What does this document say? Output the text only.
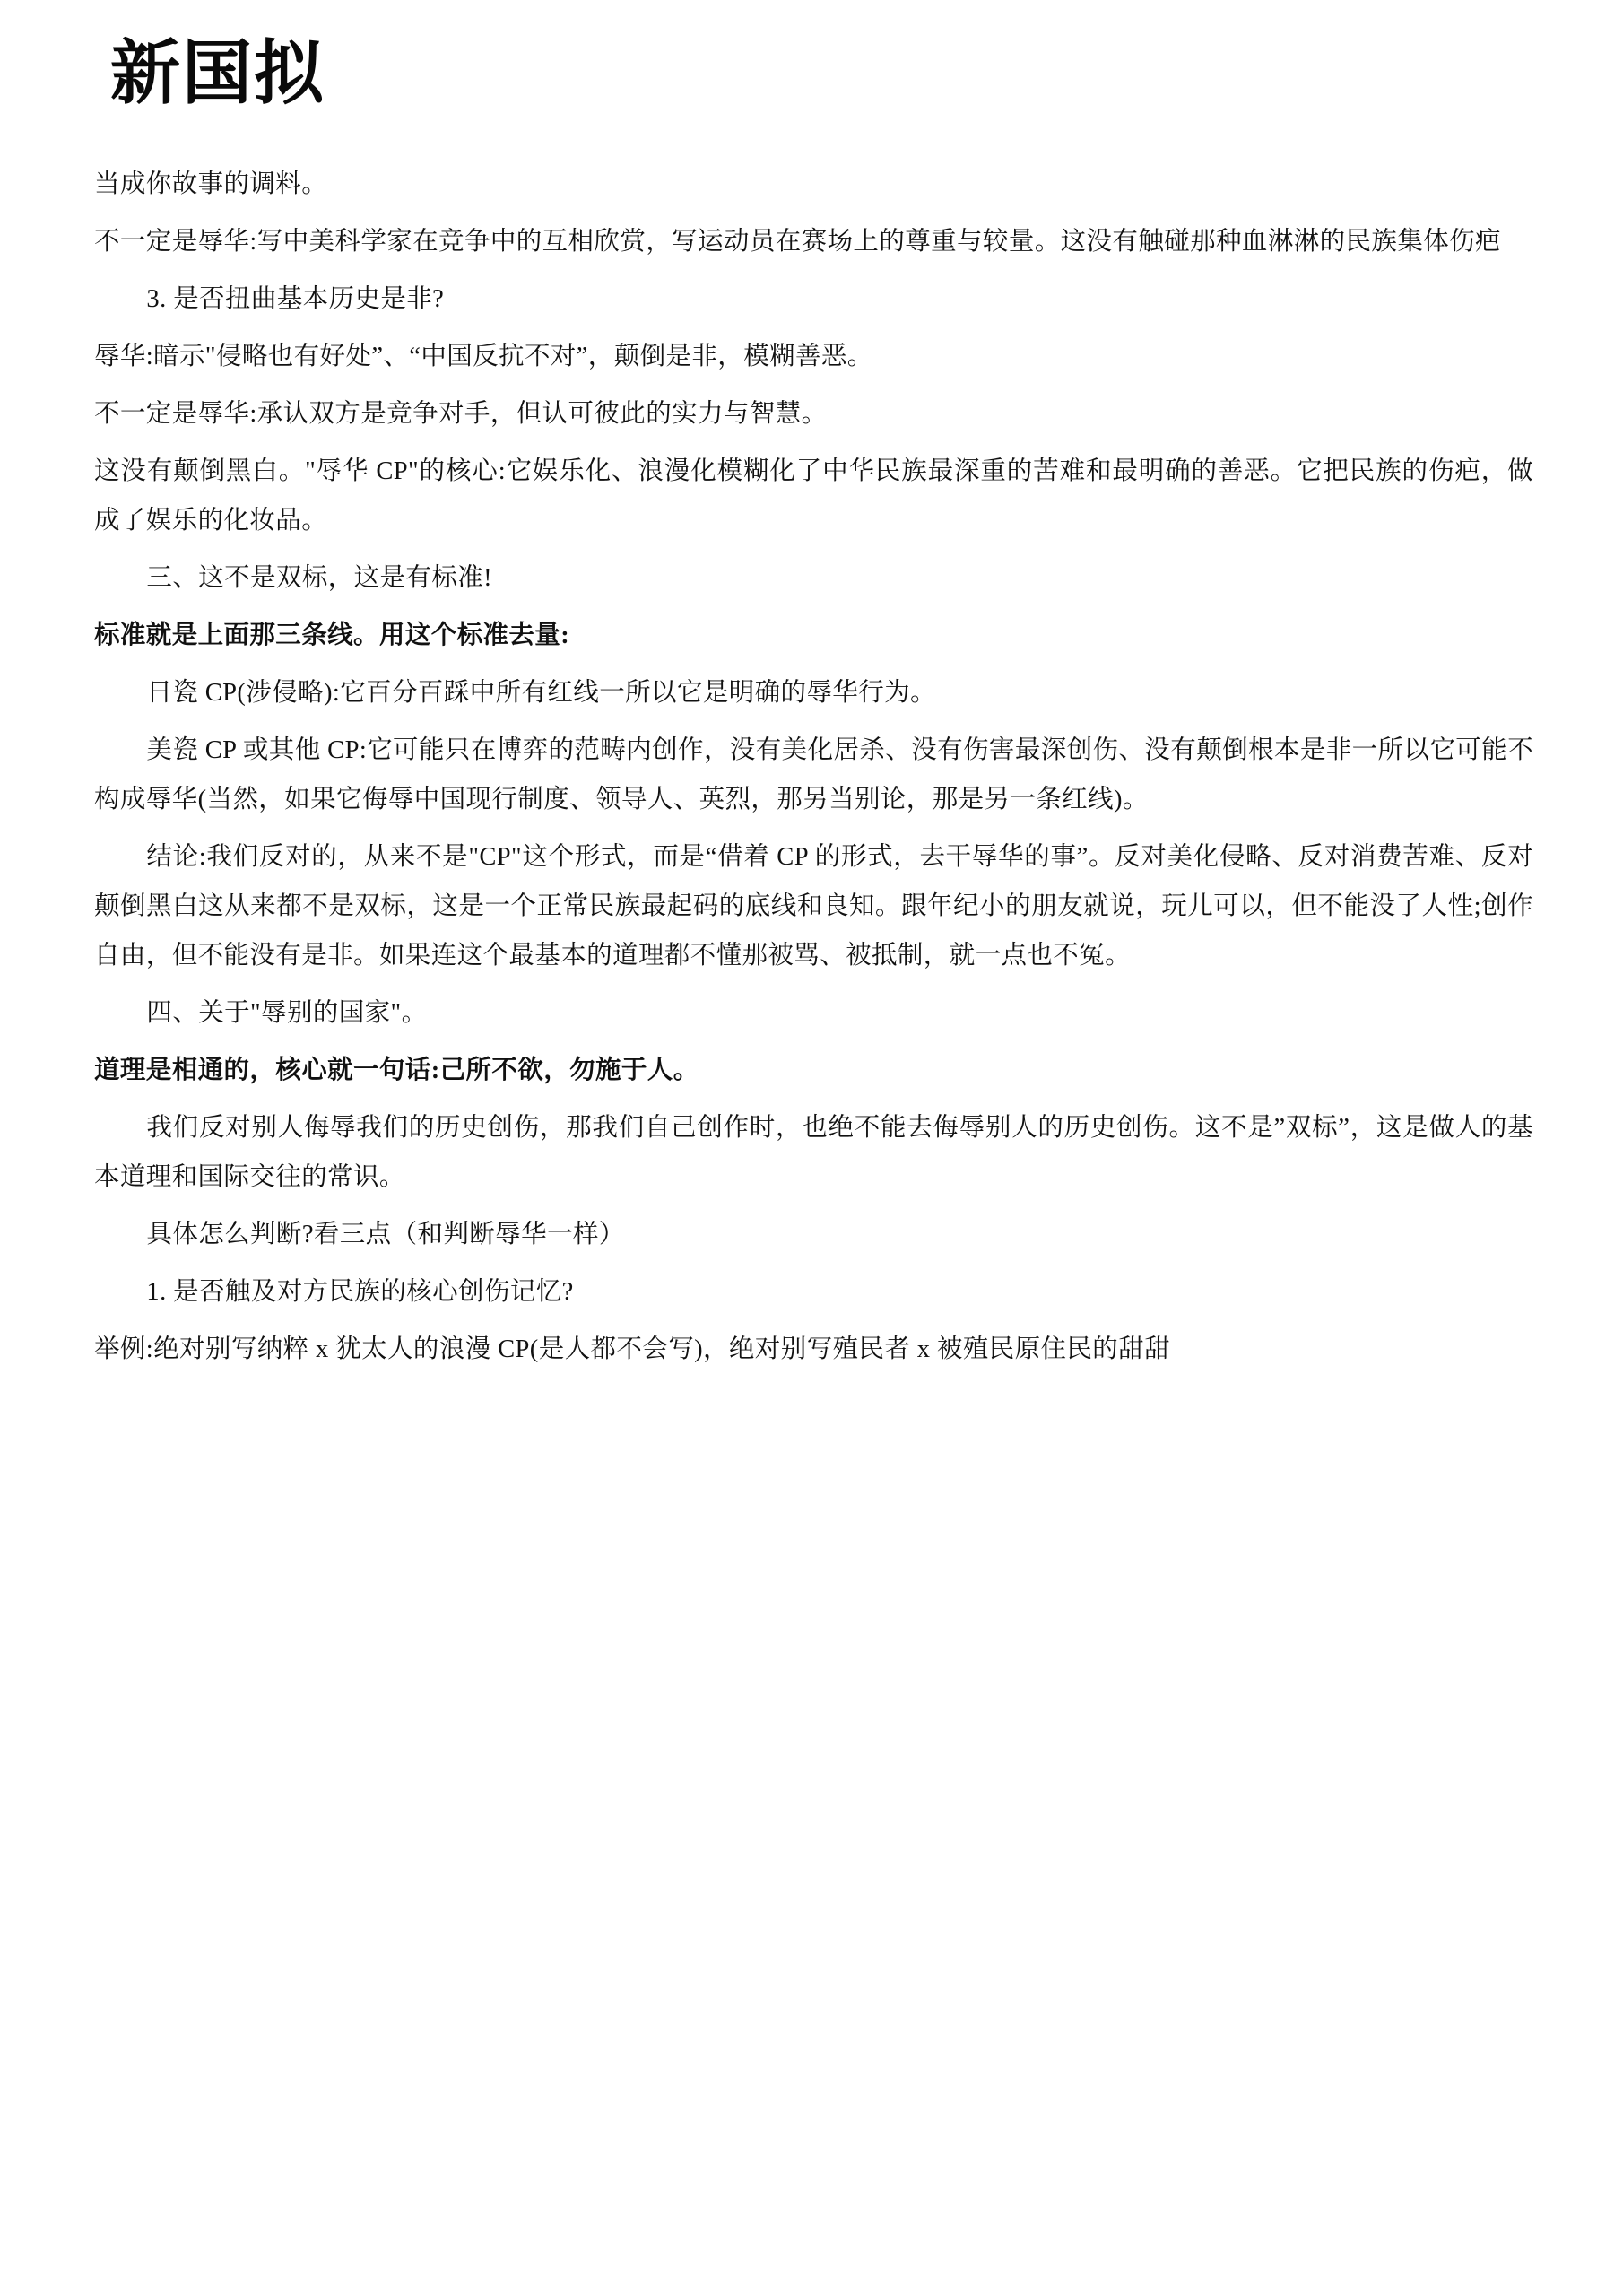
新国拟

当成你故事的调料。

不一定是辱华:写中美科学家在竞争中的互相欣赏，写运动员在赛场上的尊重与较量。这没有触碰那种血淋淋的民族集体伤疤

3. 是否扭曲基本历史是非?

辱华:暗示"侵略也有好处”、“中国反抗不对”，颠倒是非，模糊善恶。

不一定是辱华:承认双方是竞争对手，但认可彼此的实力与智慧。

这没有颠倒黑白。"辱华 CP"的核心:它娱乐化、浪漫化模糊化了中华民族最深重的苦难和最明确的善恶。它把民族的伤疤，做成了娱乐的化妆品。

三、这不是双标，这是有标准!

标准就是上面那三条线。用这个标准去量:

日瓷 CP(涉侵略):它百分百踩中所有红线一所以它是明确的辱华行为。

美瓷 CP 或其他 CP:它可能只在博弈的范畴内创作，没有美化居杀、没有伤害最深创伤、没有颠倒根本是非一所以它可能不构成辱华(当然，如果它侮辱中国现行制度、领导人、英烈，那另当别论，那是另一条红线)。

结论:我们反对的，从来不是"CP"这个形式，而是“借着 CP 的形式，去干辱华的事”。反对美化侵略、反对消费苦难、反对颠倒黑白这从来都不是双标，这是一个正常民族最起码的底线和良知。跟年纪小的朋友就说，玩儿可以，但不能没了人性;创作自由，但不能没有是非。如果连这个最基本的道理都不懂那被骂、被抵制，就一点也不冤。

四、关于"辱别的国家"。

道理是相通的，核心就一句话:己所不欲，勿施于人。

我们反对别人侮辱我们的历史创伤，那我们自己创作时，也绝不能去侮辱别人的历史创伤。这不是”双标”，这是做人的基本道理和国际交往的常识。

具体怎么判断?看三点（和判断辱华一样）

1. 是否触及对方民族的核心创伤记忆?

举例:绝对别写纳粹 x 犹太人的浪漫 CP(是人都不会写)，绝对别写殖民者 x 被殖民原住民的甜甜
